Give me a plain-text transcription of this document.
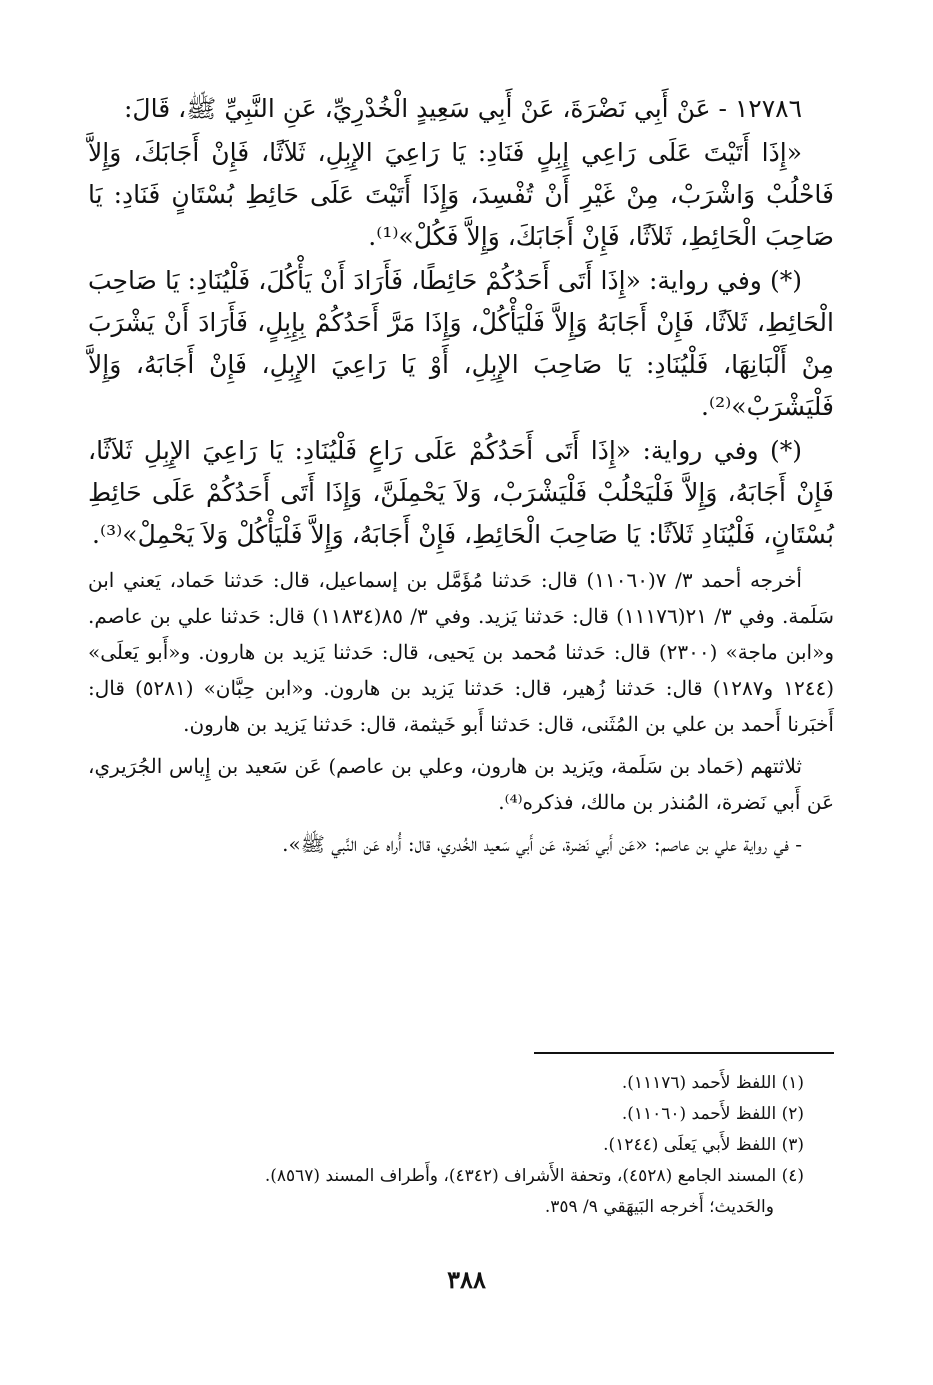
١٢٧٨٦ - عَنْ أَبِي نَضْرَةَ، عَنْ أَبِي سَعِيدٍ الْخُدْرِيِّ، عَنِ النَّبِيِّ ﷺ، قَالَ:

«إِذَا أَتَيْتَ عَلَى رَاعِي إِبِلٍ فَنَادِ: يَا رَاعِيَ الإِبِلِ، ثَلاَثًا، فَإِنْ أَجَابَكَ، وَإِلاَّ فَاحْلُبْ وَاشْرَبْ، مِنْ غَيْرِ أَنْ تُفْسِدَ، وَإِذَا أَتَيْتَ عَلَى حَائِطِ بُسْتَانٍ فَنَادِ: يَا صَاحِبَ الْحَائِطِ، ثَلاَثًا، فَإِنْ أَجَابَكَ، وَإِلاَّ فَكُلْ»⁽¹⁾.

(*) وفي رواية: «إِذَا أَتَى أَحَدُكُمْ حَائِطًا، فَأَرَادَ أَنْ يَأْكُلَ، فَلْيُنَادِ: يَا صَاحِبَ الْحَائِطِ، ثَلاَثًا، فَإِنْ أَجَابَهُ وَإِلاَّ فَلْيَأْكُلْ، وَإِذَا مَرَّ أَحَدُكُمْ بِإِبِلٍ، فَأَرَادَ أَنْ يَشْرَبَ مِنْ أَلْبَانِهَا، فَلْيُنَادِ: يَا صَاحِبَ الإِبِلِ، أَوْ يَا رَاعِيَ الإِبِلِ، فَإِنْ أَجَابَهُ، وَإِلاَّ فَلْيَشْرَبْ»⁽²⁾.

(*) وفي رواية: «إِذَا أَتَى أَحَدُكُمْ عَلَى رَاعٍ فَلْيُنَادِ: يَا رَاعِيَ الإِبِلِ ثَلاَثًا، فَإِنْ أَجَابَهُ، وَإِلاَّ فَلْيَحْلُبْ فَلْيَشْرَبْ، وَلاَ يَحْمِلَنَّ، وَإِذَا أَتَى أَحَدُكُمْ عَلَى حَائِطِ بُسْتَانٍ، فَلْيُنَادِ ثَلاَثًا: يَا صَاحِبَ الْحَائِطِ، فَإِنْ أَجَابَهُ، وَإِلاَّ فَلْيَأْكُلْ وَلاَ يَحْمِلْ»⁽³⁾.

أخرجه أحمد ٣/ ٧(١١٠٦٠) قال: حَدثنا مُؤَمَّل بن إسماعيل، قال: حَدثنا حَماد، يَعني ابن سَلَمة. وفي ٣/ ٢١(١١١٧٦) قال: حَدثنا يَزيد. وفي ٣/ ٨٥(١١٨٣٤) قال: حَدثنا علي بن عاصم. و«ابن ماجة» (٢٣٠٠) قال: حَدثنا مُحمد بن يَحيى، قال: حَدثنا يَزيد بن هارون. و«أَبو يَعلَى» (١٢٤٤ و١٢٨٧) قال: حَدثنا زُهير، قال: حَدثنا يَزيد بن هارون. و«ابن حِبَّان» (٥٢٨١) قال: أَخبَرنا أَحمد بن علي بن المُثَنى، قال: حَدثنا أَبو خَيثمة، قال: حَدثنا يَزيد بن هارون.

ثلاثتهم (حَماد بن سَلَمة، ويَزيد بن هارون، وعلي بن عاصم) عَن سَعيد بن إِياس الجُرَيري، عَن أَبي نَضرة، المُنذر بن مالك، فذكره⁽⁴⁾.

- في رواية علي بن عاصم: «عَن أَبي نَضرة، عَن أَبي سَعيد الخُدري، قال: أُراه عَن النَّبي ﷺ».

(١) اللفظ لأَحمد (١١١٧٦).

(٢) اللفظ لأَحمد (١١٠٦٠).

(٣) اللفظ لأَبي يَعلَى (١٢٤٤).

(٤) المسند الجامع (٤٥٢٨)، وتحفة الأَشراف (٤٣٤٢)، وأَطراف المسند (٨٥٦٧).

والحَديث؛ أَخرجه البَيهَقي ٩/ ٣٥٩.

٣٨٨
